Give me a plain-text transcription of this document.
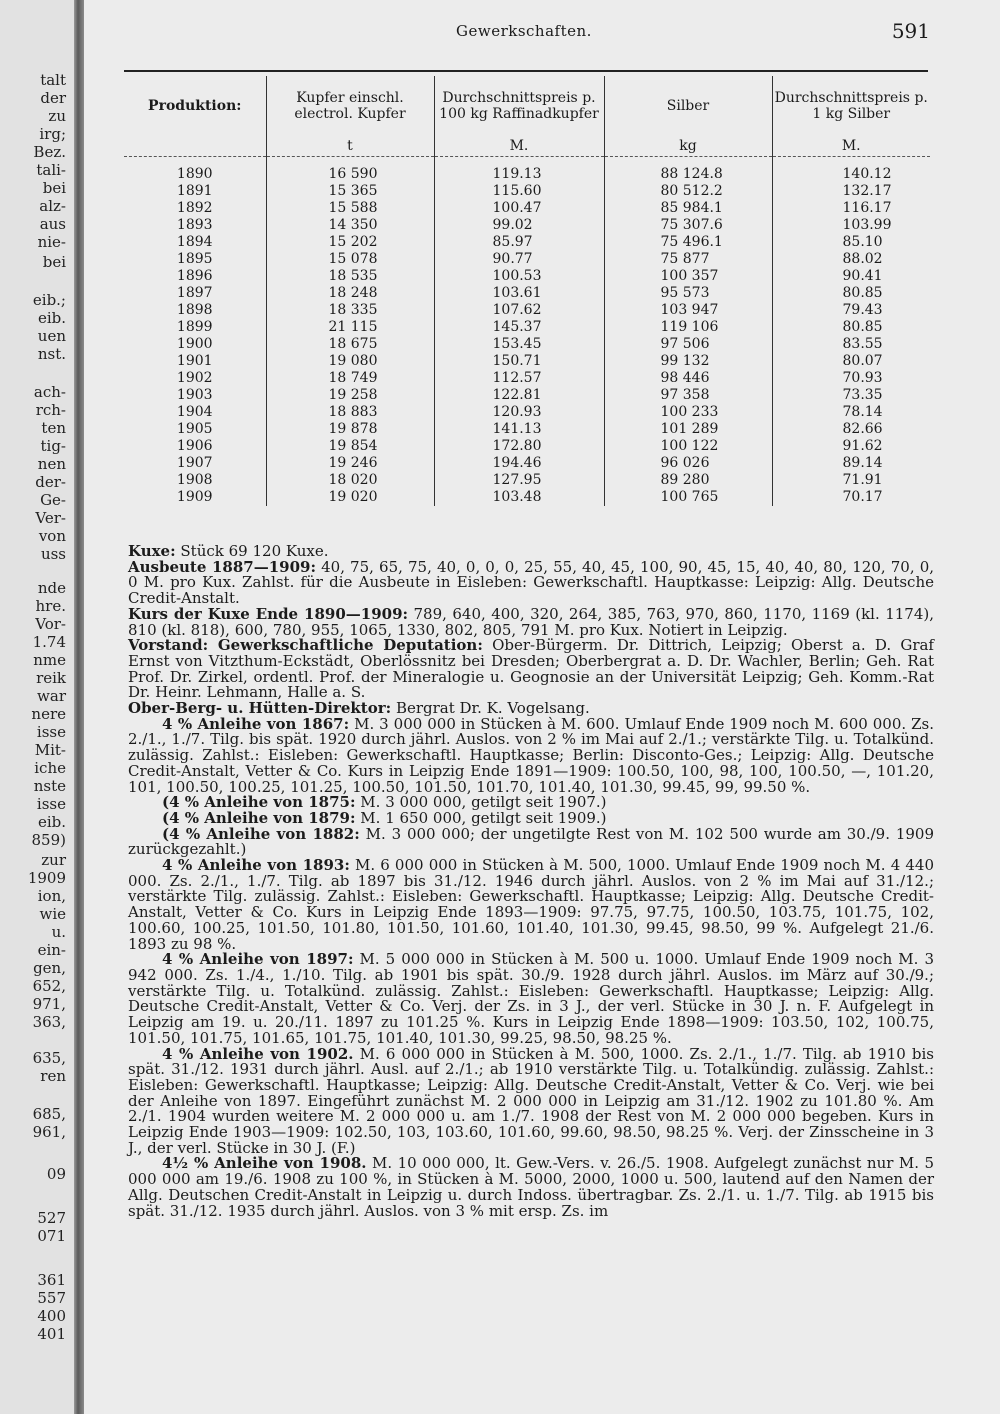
talt
der
zu
irg;
Bez.
tali-
bei
alz-
aus
nie-
bei
eib.;
eib.
uen
nst.
ach-
rch-
ten
tig-
nen
der-
Ge-
Ver-
von
uss
nde
hre.
Vor-
1.74
nme
reik
war
nere
isse
Mit-
iche
nste
isse
eib.
859)
zur
1909
ion,
wie
u.
ein-
gen,
652,
971,
363,
635,
ren
685,
961,
09
527
071
361
557
400
401
Gewerkschaften.	591
Produktion:	Kupfer einschl. electrol. Kupfer	Durchschnittspreis p. 100 kg Raffinadkupfer	Silber	Durchschnittspreis p. 1 kg Silber
	t	M.	kg	M.

1890	16 590	119.13	88 124.8	140.12
1891	15 365	115.60	80 512.2	132.17
1892	15 588	100.47	85 984.1	116.17
1893	14 350	99.02	75 307.6	103.99
1894	15 202	85.97	75 496.1	85.10
1895	15 078	90.77	75 877	88.02
1896	18 535	100.53	100 357	90.41
1897	18 248	103.61	95 573	80.85
1898	18 335	107.62	103 947	79.43
1899	21 115	145.37	119 106	80.85
1900	18 675	153.45	97 506	83.55
1901	19 080	150.71	99 132	80.07
1902	18 749	112.57	98 446	70.93
1903	19 258	122.81	97 358	73.35
1904	18 883	120.93	100 233	78.14
1905	19 878	141.13	101 289	82.66
1906	19 854	172.80	100 122	91.62
1907	19 246	194.46	96 026	89.14
1908	18 020	127.95	89 280	71.91
1909	19 020	103.48	100 765	70.17

Kuxe: Stück 69 120 Kuxe.

Ausbeute 1887—1909: 40, 75, 65, 75, 40, 0, 0, 0, 25, 55, 40, 45, 100, 90, 45, 15, 40, 40, 80, 120, 70, 0, 0 M. pro Kux. Zahlst. für die Ausbeute in Eisleben: Gewerkschaftl. Hauptkasse: Leipzig: Allg. Deutsche Credit-Anstalt.

Kurs der Kuxe Ende 1890—1909: 789, 640, 400, 320, 264, 385, 763, 970, 860, 1170, 1169 (kl. 1174), 810 (kl. 818), 600, 780, 955, 1065, 1330, 802, 805, 791 M. pro Kux. Notiert in Leipzig.

Vorstand: Gewerkschaftliche Deputation: Ober-Bürgerm. Dr. Dittrich, Leipzig; Oberst a. D. Graf Ernst von Vitzthum-Eckstädt, Oberlössnitz bei Dresden; Oberbergrat a. D. Dr. Wachler, Berlin; Geh. Rat Prof. Dr. Zirkel, ordentl. Prof. der Mineralogie u. Geognosie an der Universität Leipzig; Geh. Komm.-Rat Dr. Heinr. Lehmann, Halle a. S.

Ober-Berg- u. Hütten-Direktor: Bergrat Dr. K. Vogelsang.

4 % Anleihe von 1867: M. 3 000 000 in Stücken à M. 600. Umlauf Ende 1909 noch M. 600 000. Zs. 2./1., 1./7. Tilg. bis spät. 1920 durch jährl. Auslos. von 2 % im Mai auf 2./1.; verstärkte Tilg. u. Totalkünd. zulässig. Zahlst.: Eisleben: Gewerkschaftl. Hauptkasse; Berlin: Disconto-Ges.; Leipzig: Allg. Deutsche Credit-Anstalt, Vetter & Co. Kurs in Leipzig Ende 1891—1909: 100.50, 100, 98, 100, 100.50, —, 101.20, 101, 100.50, 100.25, 101.25, 100.50, 101.50, 101.70, 101.40, 101.30, 99.45, 99, 99.50 %.

(4 % Anleihe von 1875: M. 3 000 000, getilgt seit 1907.)

(4 % Anleihe von 1879: M. 1 650 000, getilgt seit 1909.)

(4 % Anleihe von 1882: M. 3 000 000; der ungetilgte Rest von M. 102 500 wurde am 30./9. 1909 zurückgezahlt.)

4 % Anleihe von 1893: M. 6 000 000 in Stücken à M. 500, 1000. Umlauf Ende 1909 noch M. 4 440 000. Zs. 2./1., 1./7. Tilg. ab 1897 bis 31./12. 1946 durch jährl. Auslos. von 2 % im Mai auf 31./12.; verstärkte Tilg. zulässig. Zahlst.: Eisleben: Gewerkschaftl. Hauptkasse; Leipzig: Allg. Deutsche Credit-Anstalt, Vetter & Co. Kurs in Leipzig Ende 1893—1909: 97.75, 97.75, 100.50, 103.75, 101.75, 102, 100.60, 100.25, 101.50, 101.80, 101.50, 101.60, 101.40, 101.30, 99.45, 98.50, 99 %. Aufgelegt 21./6. 1893 zu 98 %.

4 % Anleihe von 1897: M. 5 000 000 in Stücken à M. 500 u. 1000. Umlauf Ende 1909 noch M. 3 942 000. Zs. 1./4., 1./10. Tilg. ab 1901 bis spät. 30./9. 1928 durch jährl. Auslos. im März auf 30./9.; verstärkte Tilg. u. Totalkünd. zulässig. Zahlst.: Eisleben: Gewerkschaftl. Hauptkasse; Leipzig: Allg. Deutsche Credit-Anstalt, Vetter & Co. Verj. der Zs. in 3 J., der verl. Stücke in 30 J. n. F. Aufgelegt in Leipzig am 19. u. 20./11. 1897 zu 101.25 %. Kurs in Leipzig Ende 1898—1909: 103.50, 102, 100.75, 101.50, 101.75, 101.65, 101.75, 101.40, 101.30, 99.25, 98.50, 98.25 %.

4 % Anleihe von 1902. M. 6 000 000 in Stücken à M. 500, 1000. Zs. 2./1., 1./7. Tilg. ab 1910 bis spät. 31./12. 1931 durch jährl. Ausl. auf 2./1.; ab 1910 verstärkte Tilg. u. Totalkündig. zulässig. Zahlst.: Eisleben: Gewerkschaftl. Hauptkasse; Leipzig: Allg. Deutsche Credit-Anstalt, Vetter & Co. Verj. wie bei der Anleihe von 1897. Eingeführt zunächst M. 2 000 000 in Leipzig am 31./12. 1902 zu 101.80 %. Am 2./1. 1904 wurden weitere M. 2 000 000 u. am 1./7. 1908 der Rest von M. 2 000 000 begeben. Kurs in Leipzig Ende 1903—1909: 102.50, 103, 103.60, 101.60, 99.60, 98.50, 98.25 %. Verj. der Zinsscheine in 3 J., der verl. Stücke in 30 J. (F.)

4½ % Anleihe von 1908. M. 10 000 000, lt. Gew.-Vers. v. 26./5. 1908. Aufgelegt zunächst nur M. 5 000 000 am 19./6. 1908 zu 100 %, in Stücken à M. 5000, 2000, 1000 u. 500, lautend auf den Namen der Allg. Deutschen Credit-Anstalt in Leipzig u. durch Indoss. übertragbar. Zs. 2./1. u. 1./7. Tilg. ab 1915 bis spät. 31./12. 1935 durch jährl. Auslos. von 3 % mit ersp. Zs. im
